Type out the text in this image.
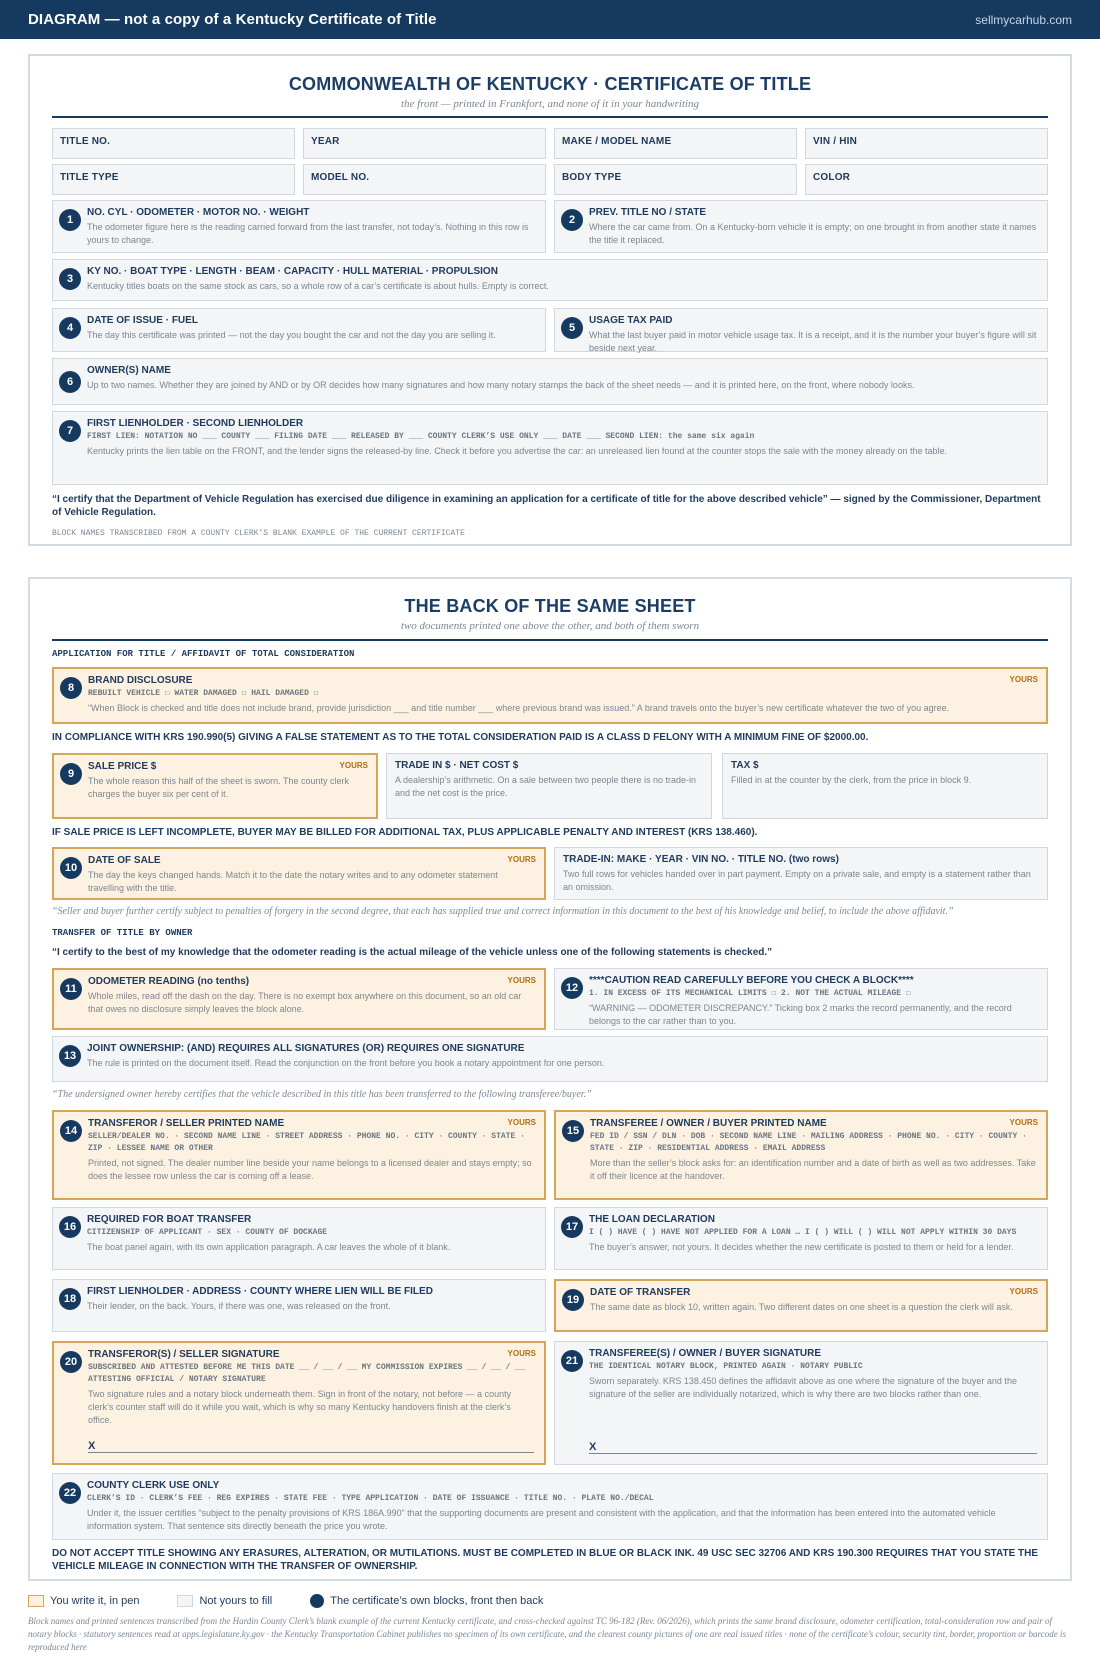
DIAGRAM — not a copy of a Kentucky Certificate of Title	sellmycarhub.com
COMMONWEALTH OF KENTUCKY · CERTIFICATE OF TITLE
the front — printed in Frankfort, and none of it in your handwriting
TITLE NO.	YEAR	MAKE / MODEL NAME	VIN / HIN
TITLE TYPE	MODEL NO.	BODY TYPE	COLOR
1
NO. CYL · ODOMETER · MOTOR NO. · WEIGHT
The odometer figure here is the reading carried forward from the last transfer, not today’s. Nothing in this row is yours to change.
2
PREV. TITLE NO / STATE
Where the car came from. On a Kentucky-born vehicle it is empty; on one brought in from another state it names the title it replaced.
3
KY NO. · BOAT TYPE · LENGTH · BEAM · CAPACITY · HULL MATERIAL · PROPULSION
Kentucky titles boats on the same stock as cars, so a whole row of a car’s certificate is about hulls. Empty is correct.
4
DATE OF ISSUE · FUEL
The day this certificate was printed — not the day you bought the car and not the day you are selling it.
5
USAGE TAX PAID
What the last buyer paid in motor vehicle usage tax. It is a receipt, and it is the number your buyer’s figure will sit beside next year.
6
OWNER(S) NAME
Up to two names. Whether they are joined by AND or by OR decides how many signatures and how many notary stamps the back of the sheet needs — and it is printed here, on the front, where nobody looks.
7
FIRST LIENHOLDER · SECOND LIENHOLDER
FIRST LIEN: NOTATION NO ___ COUNTY ___ FILING DATE ___ RELEASED BY ___ COUNTY CLERK’S USE ONLY ___ DATE ___ SECOND LIEN: the same six again
Kentucky prints the lien table on the FRONT, and the lender signs the released-by line. Check it before you advertise the car: an unreleased lien found at the counter stops the sale with the money already on the table.
“I certify that the Department of Vehicle Regulation has exercised due diligence in examining an application for a certificate of title for the above described vehicle” — signed by the Commissioner, Department of Vehicle Regulation.
BLOCK NAMES TRANSCRIBED FROM A COUNTY CLERK’S BLANK EXAMPLE OF THE CURRENT CERTIFICATE
THE BACK OF THE SAME SHEET
two documents printed one above the other, and both of them sworn
APPLICATION FOR TITLE / AFFIDAVIT OF TOTAL CONSIDERATION
8
YOURS
BRAND DISCLOSURE
REBUILT VEHICLE ☐ WATER DAMAGED ☐ HAIL DAMAGED ☐
“When Block is checked and title does not include brand, provide jurisdiction ___ and title number ___ where previous brand was issued.” A brand travels onto the buyer’s new certificate whatever the two of you agree.
IN COMPLIANCE WITH KRS 190.990(5) GIVING A FALSE STATEMENT AS TO THE TOTAL CONSIDERATION PAID IS A CLASS D FELONY WITH A MINIMUM FINE OF $2000.00.
9
YOURS
SALE PRICE $
The whole reason this half of the sheet is sworn. The county clerk charges the buyer six per cent of it.
TRADE IN $ · NET COST $
A dealership’s arithmetic. On a sale between two people there is no trade-in and the net cost is the price.
TAX $
Filled in at the counter by the clerk, from the price in block 9.
IF SALE PRICE IS LEFT INCOMPLETE, BUYER MAY BE BILLED FOR ADDITIONAL TAX, PLUS APPLICABLE PENALTY AND INTEREST (KRS 138.460).
10
YOURS
DATE OF SALE
The day the keys changed hands. Match it to the date the notary writes and to any odometer statement travelling with the title.
TRADE-IN: MAKE · YEAR · VIN NO. · TITLE NO. (two rows)
Two full rows for vehicles handed over in part payment. Empty on a private sale, and empty is a statement rather than an omission.
“Seller and buyer further certify subject to penalties of forgery in the second degree, that each has supplied true and correct information in this document to the best of his knowledge and belief, to include the above affidavit.”
TRANSFER OF TITLE BY OWNER
“I certify to the best of my knowledge that the odometer reading is the actual mileage of the vehicle unless one of the following statements is checked.”
11
YOURS
ODOMETER READING (no tenths)
Whole miles, read off the dash on the day. There is no exempt box anywhere on this document, so an old car that owes no disclosure simply leaves the block alone.
12
****CAUTION READ CAREFULLY BEFORE YOU CHECK A BLOCK****
1. IN EXCESS OF ITS MECHANICAL LIMITS ☐ 2. NOT THE ACTUAL MILEAGE ☐
“WARNING — ODOMETER DISCREPANCY.” Ticking box 2 marks the record permanently, and the record belongs to the car rather than to you.
13
JOINT OWNERSHIP: (AND) REQUIRES ALL SIGNATURES (OR) REQUIRES ONE SIGNATURE
The rule is printed on the document itself. Read the conjunction on the front before you book a notary appointment for one person.
“The undersigned owner hereby certifies that the vehicle described in this title has been transferred to the following transferee/buyer.”
14
YOURS
TRANSFEROR / SELLER PRINTED NAME
SELLER/DEALER NO. · SECOND NAME LINE · STREET ADDRESS · PHONE NO. · CITY · COUNTY · STATE · ZIP · LESSEE NAME OR OTHER
Printed, not signed. The dealer number line beside your name belongs to a licensed dealer and stays empty; so does the lessee row unless the car is coming off a lease.
15
YOURS
TRANSFEREE / OWNER / BUYER PRINTED NAME
FED ID / SSN / DLN · DOB · SECOND NAME LINE · MAILING ADDRESS · PHONE NO. · CITY · COUNTY · STATE · ZIP · RESIDENTIAL ADDRESS · EMAIL ADDRESS
More than the seller’s block asks for: an identification number and a date of birth as well as two addresses. Take it off their licence at the handover.
16
REQUIRED FOR BOAT TRANSFER
CITIZENSHIP OF APPLICANT · SEX · COUNTY OF DOCKAGE
The boat panel again, with its own application paragraph. A car leaves the whole of it blank.
17
THE LOAN DECLARATION
I ( ) HAVE ( ) HAVE NOT APPLIED FOR A LOAN … I ( ) WILL ( ) WILL NOT APPLY WITHIN 30 DAYS
The buyer’s answer, not yours. It decides whether the new certificate is posted to them or held for a lender.
18
FIRST LIENHOLDER · ADDRESS · COUNTY WHERE LIEN WILL BE FILED
Their lender, on the back. Yours, if there was one, was released on the front.	19
YOURS
DATE OF TRANSFER
The same date as block 10, written again. Two different dates on one sheet is a question the clerk will ask.
20
YOURS
TRANSFEROR(S) / SELLER SIGNATURE
SUBSCRIBED AND ATTESTED BEFORE ME THIS DATE __ / __ / __ MY COMMISSION EXPIRES __ / __ / __ ATTESTING OFFICIAL / NOTARY SIGNATURE
Two signature rules and a notary block underneath them. Sign in front of the notary, not before — a county clerk’s counter staff will do it while you wait, which is why so many Kentucky handovers finish at the clerk’s office.
X
21
TRANSFEREE(S) / OWNER / BUYER SIGNATURE
THE IDENTICAL NOTARY BLOCK, PRINTED AGAIN · NOTARY PUBLIC
Sworn separately. KRS 138.450 defines the affidavit above as one where the signature of the buyer and the signature of the seller are individually notarized, which is why there are two blocks rather than one.
X
22
COUNTY CLERK USE ONLY
CLERK’S ID · CLERK’S FEE · REG EXPIRES · STATE FEE · TYPE APPLICATION · DATE OF ISSUANCE · TITLE NO. · PLATE NO./DECAL
Under it, the issuer certifies “subject to the penalty provisions of KRS 186A.990” that the supporting documents are present and consistent with the application, and that the information has been entered into the automated vehicle information system. That sentence sits directly beneath the price you wrote.
DO NOT ACCEPT TITLE SHOWING ANY ERASURES, ALTERATION, OR MUTILATIONS. MUST BE COMPLETED IN BLUE OR BLACK INK. 49 USC SEC 32706 AND KRS 190.300 REQUIRES THAT YOU STATE THE VEHICLE MILEAGE IN CONNECTION WITH THE TRANSFER OF OWNERSHIP.
You write it, in pen	Not yours to fill	The certificate’s own blocks, front then back
Block names and printed sentences transcribed from the Hardin County Clerk’s blank example of the current Kentucky certificate, and cross-checked against TC 96-182 (Rev. 06/2026), which prints the same brand disclosure, odometer certification, total-consideration row and pair of notary blocks · statutory sentences read at apps.legislature.ky.gov · the Kentucky Transportation Cabinet publishes no specimen of its own certificate, and the clearest county pictures of one are real issued titles · none of the certificate’s colour, security tint, border, proportion or barcode is reproduced here
